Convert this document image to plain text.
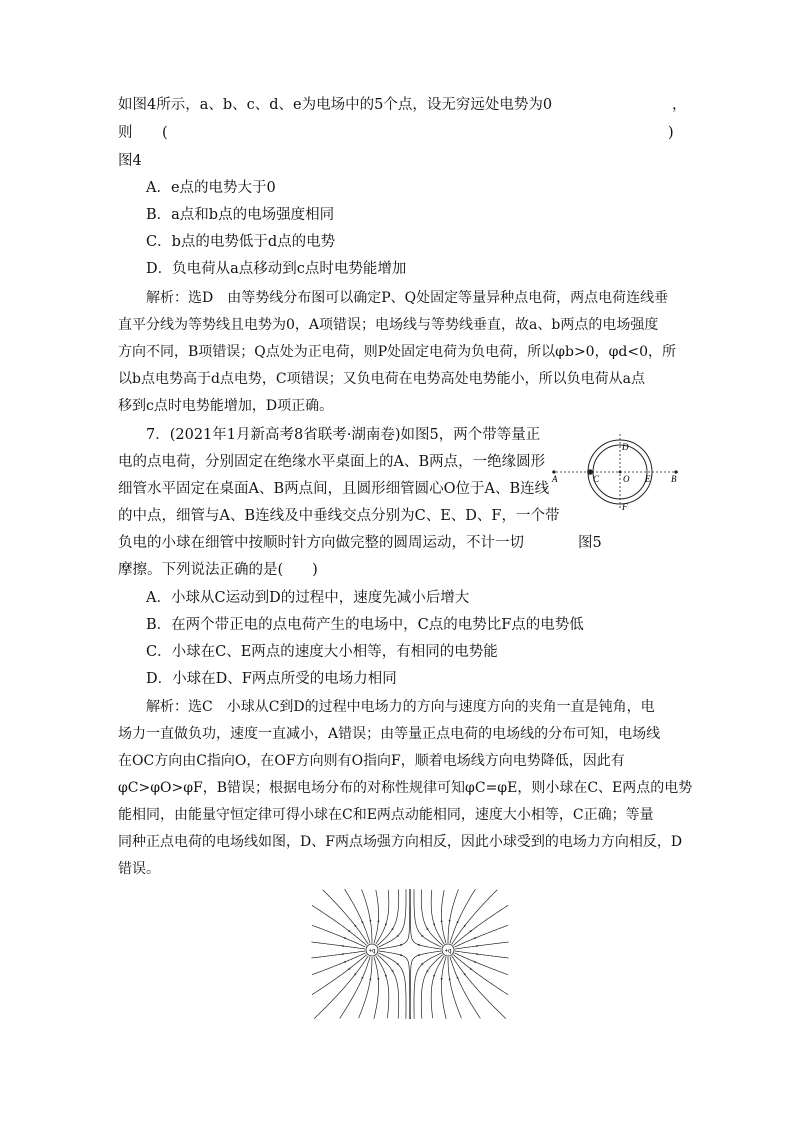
如图4所示，a、b、c、d、e为电场中的5个点，设无穷远处电势为0	，
则 (	)
图4
A．e点的电势大于0
B．a点和b点的电场强度相同
C．b点的电势低于d点的电势
D．负电荷从a点移动到c点时电势能增加
解析：选D　由等势线分布图可以确定P、Q处固定等量异种点电荷，两点电荷连线垂
直平分线为等势线且电势为0，A项错误；电场线与等势线垂直，故a、b两点的电场强度
方向不同，B项错误；Q点处为正电荷，则P处固定电荷为负电荷，所以φb>0，φd<0，所
以b点电势高于d点电势，C项错误；又负电荷在电势高处电势能小，所以负电荷从a点
移到c点时电势能增加，D项正确。
7．(2021年1月新高考8省联考·湖南卷)如图5，两个带等量正
电的点电荷，分别固定在绝缘水平桌面上的A、B两点，一绝缘圆形
细管水平固定在桌面A、B两点间，且圆形细管圆心O位于A、B连线
的中点，细管与A、B连线及中垂线交点分别为C、E、D、F，一个带
负电的小球在细管中按顺时针方向做完整的圆周运动，不计一切
摩擦。下列说法正确的是(　　)
图5
A	B
C	E
D
F
O
A．小球从C运动到D的过程中，速度先减小后增大
B．在两个带正电的点电荷产生的电场中，C点的电势比F点的电势低
C．小球在C、E两点的速度大小相等，有相同的电势能
D．小球在D、F两点所受的电场力相同
解析：选C　小球从C到D的过程中电场力的方向与速度方向的夹角一直是钝角，电
场力一直做负功，速度一直减小，A错误；由等量正点电荷的电场线的分布可知，电场线
在OC方向由C指向O，在OF方向则有O指向F，顺着电场线方向电势降低，因此有
φC>φO>φF，B错误；根据电场分布的对称性规律可知φC=φE，则小球在C、E两点的电势
能相同，由能量守恒定律可得小球在C和E两点动能相同，速度大小相等，C正确；等量
同种正点电荷的电场线如图，D、F两点场强方向相反，因此小球受到的电场力方向相反，D
错误。
+q	+q
